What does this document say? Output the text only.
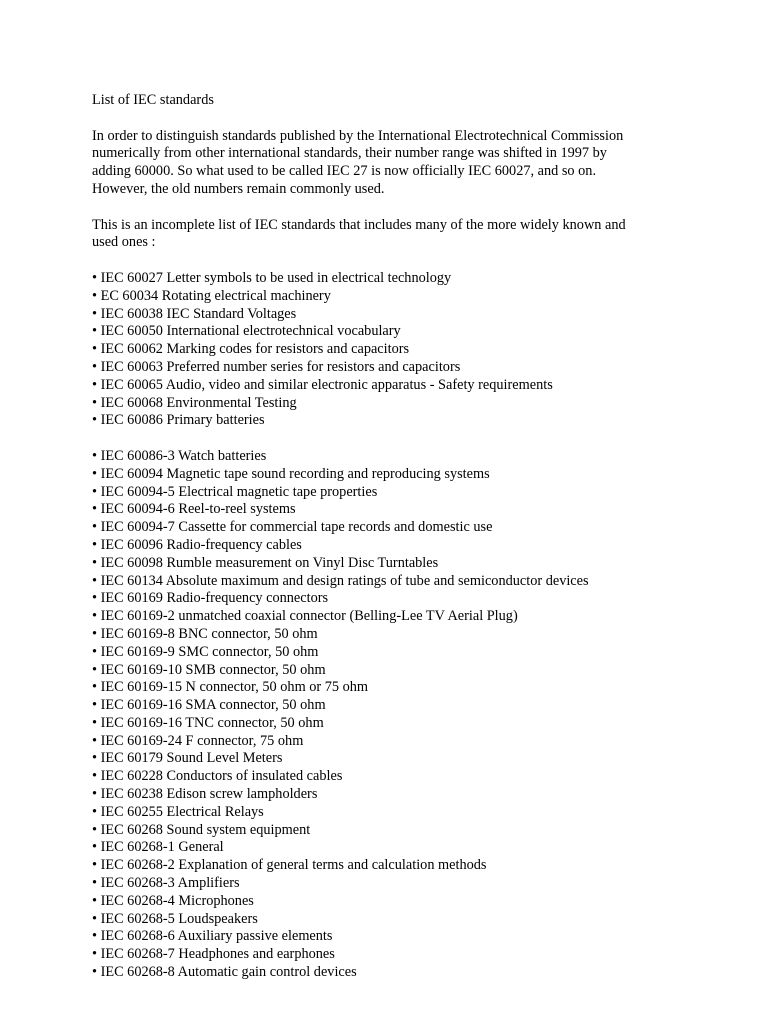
List of IEC standards

In order to distinguish standards published by the International Electrotechnical Commission

numerically from other international standards, their number range was shifted in 1997 by

adding 60000. So what used to be called IEC 27 is now officially IEC 60027, and so on.

However, the old numbers remain commonly used.

This is an incomplete list of IEC standards that includes many of the more widely known and

used ones :

• IEC 60027 Letter symbols to be used in electrical technology

• EC 60034 Rotating electrical machinery

• IEC 60038 IEC Standard Voltages

• IEC 60050 International electrotechnical vocabulary

• IEC 60062 Marking codes for resistors and capacitors

• IEC 60063 Preferred number series for resistors and capacitors

• IEC 60065 Audio, video and similar electronic apparatus - Safety requirements

• IEC 60068 Environmental Testing

• IEC 60086 Primary batteries

• IEC 60086-3 Watch batteries

• IEC 60094 Magnetic tape sound recording and reproducing systems

• IEC 60094-5 Electrical magnetic tape properties

• IEC 60094-6 Reel-to-reel systems

• IEC 60094-7 Cassette for commercial tape records and domestic use

• IEC 60096 Radio-frequency cables

• IEC 60098 Rumble measurement on Vinyl Disc Turntables

• IEC 60134 Absolute maximum and design ratings of tube and semiconductor devices

• IEC 60169 Radio-frequency connectors

• IEC 60169-2 unmatched coaxial connector (Belling-Lee TV Aerial Plug)

• IEC 60169-8 BNC connector, 50 ohm

• IEC 60169-9 SMC connector, 50 ohm

• IEC 60169-10 SMB connector, 50 ohm

• IEC 60169-15 N connector, 50 ohm or 75 ohm

• IEC 60169-16 SMA connector, 50 ohm

• IEC 60169-16 TNC connector, 50 ohm

• IEC 60169-24 F connector, 75 ohm

• IEC 60179 Sound Level Meters

• IEC 60228 Conductors of insulated cables

• IEC 60238 Edison screw lampholders

• IEC 60255 Electrical Relays

• IEC 60268 Sound system equipment

• IEC 60268-1 General

• IEC 60268-2 Explanation of general terms and calculation methods

• IEC 60268-3 Amplifiers

• IEC 60268-4 Microphones

• IEC 60268-5 Loudspeakers

• IEC 60268-6 Auxiliary passive elements

• IEC 60268-7 Headphones and earphones

• IEC 60268-8 Automatic gain control devices
